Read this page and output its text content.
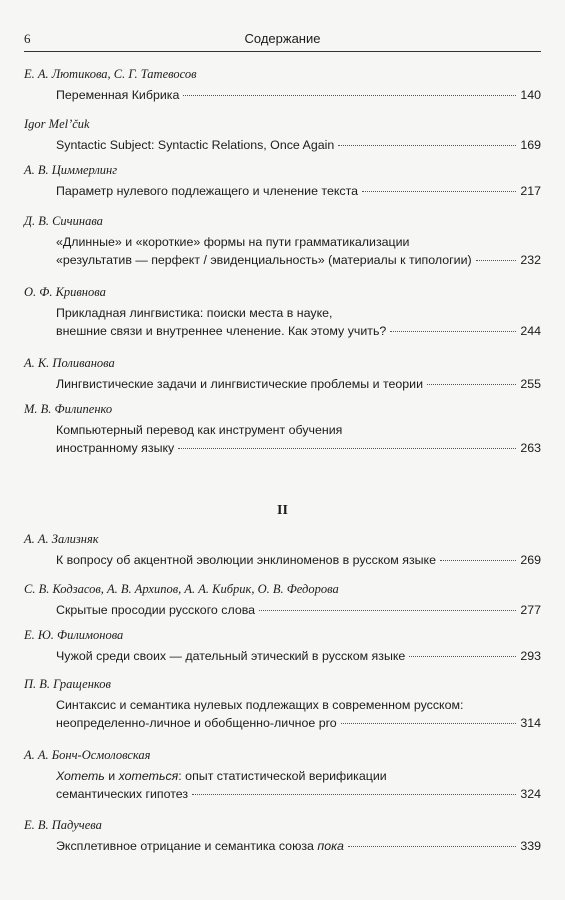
6	Содержание
Е. А. Лютикова, С. Г. Татевосов
Переменная Кибрика	140
Igor Mel’čuk
Syntactic Subject: Syntactic Relations, Once Again	169
А. В. Циммерлинг
Параметр нулевого подлежащего и членение текста	217
Д. В. Сичинава
«Длинные» и «короткие» формы на пути грамматикализации
«результатив — перфект / эвиденциальность» (материалы к типологии)	232
О. Ф. Кривнова
Прикладная лингвистика: поиски места в науке,
внешние связи и внутреннее членение. Как этому учить?	244
А. К. Поливанова
Лингвистические задачи и лингвистические проблемы и теории	255
М. В. Филипенко
Компьютерный перевод как инструмент обучения
иностранному языку	263
А. А. Зализняк
К вопросу об акцентной эволюции энклиноменов в русском языке	269
С. В. Кодзасов, А. В. Архипов, А. А. Кибрик, О. В. Федорова
Скрытые просодии русского слова	277
Е. Ю. Филимонова
Чужой среди своих — дательный этический в русском языке	293
П. В. Гращенков
Синтаксис и семантика нулевых подлежащих в современном русском:
неопределенно-личное и обобщенно-личное pro	314
А. А. Бонч-Осмоловская
Хотеть и хотеться: опыт статистической верификации
семантических гипотез	324
Е. В. Падучева
Эксплетивное отрицание и семантика союза пока	339
II
